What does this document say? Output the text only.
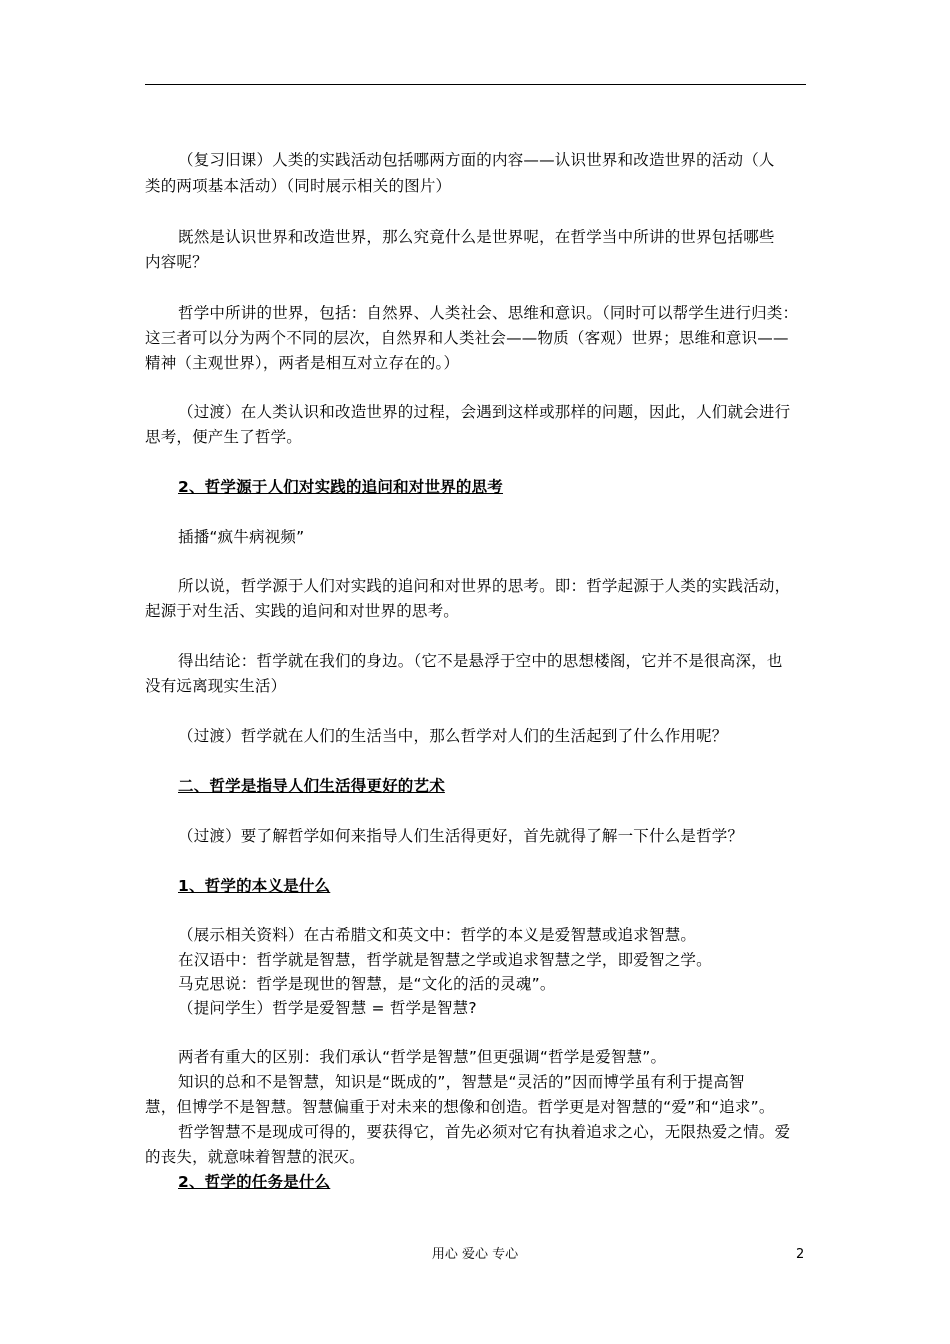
（复习旧课）人类的实践活动包括哪两方面的内容——认识世界和改造世界的活动（人
类的两项基本活动）（同时展示相关的图片）
既然是认识世界和改造世界，那么究竟什么是世界呢，在哲学当中所讲的世界包括哪些
内容呢？
哲学中所讲的世界，包括：自然界、人类社会、思维和意识。（同时可以帮学生进行归类：
这三者可以分为两个不同的层次，自然界和人类社会——物质（客观）世界；思维和意识——
精神（主观世界），两者是相互对立存在的。）
（过渡）在人类认识和改造世界的过程，会遇到这样或那样的问题，因此，人们就会进行
思考，便产生了哲学。
2、哲学源于人们对实践的追问和对世界的思考
插播“疯牛病视频”
所以说，哲学源于人们对实践的追问和对世界的思考。即：哲学起源于人类的实践活动，
起源于对生活、实践的追问和对世界的思考。
得出结论：哲学就在我们的身边。（它不是悬浮于空中的思想楼阁，它并不是很高深，也
没有远离现实生活）
（过渡）哲学就在人们的生活当中，那么哲学对人们的生活起到了什么作用呢？
二、哲学是指导人们生活得更好的艺术
（过渡）要了解哲学如何来指导人们生活得更好，首先就得了解一下什么是哲学？
1、哲学的本义是什么
（展示相关资料）在古希腊文和英文中：哲学的本义是爱智慧或追求智慧。
在汉语中：哲学就是智慧，哲学就是智慧之学或追求智慧之学，即爱智之学。
马克思说：哲学是现世的智慧，是“文化的活的灵魂”。
（提问学生）哲学是爱智慧 = 哲学是智慧?
两者有重大的区别：我们承认“哲学是智慧”但更强调“哲学是爱智慧”。
知识的总和不是智慧，知识是“既成的”，智慧是“灵活的”因而博学虽有利于提高智
慧，但博学不是智慧。智慧偏重于对未来的想像和创造。哲学更是对智慧的“爱”和“追求”。
哲学智慧不是现成可得的，要获得它，首先必须对它有执着追求之心，无限热爱之情。爱
的丧失，就意味着智慧的泯灭。
2、哲学的任务是什么
用心 爱心 专心	2
